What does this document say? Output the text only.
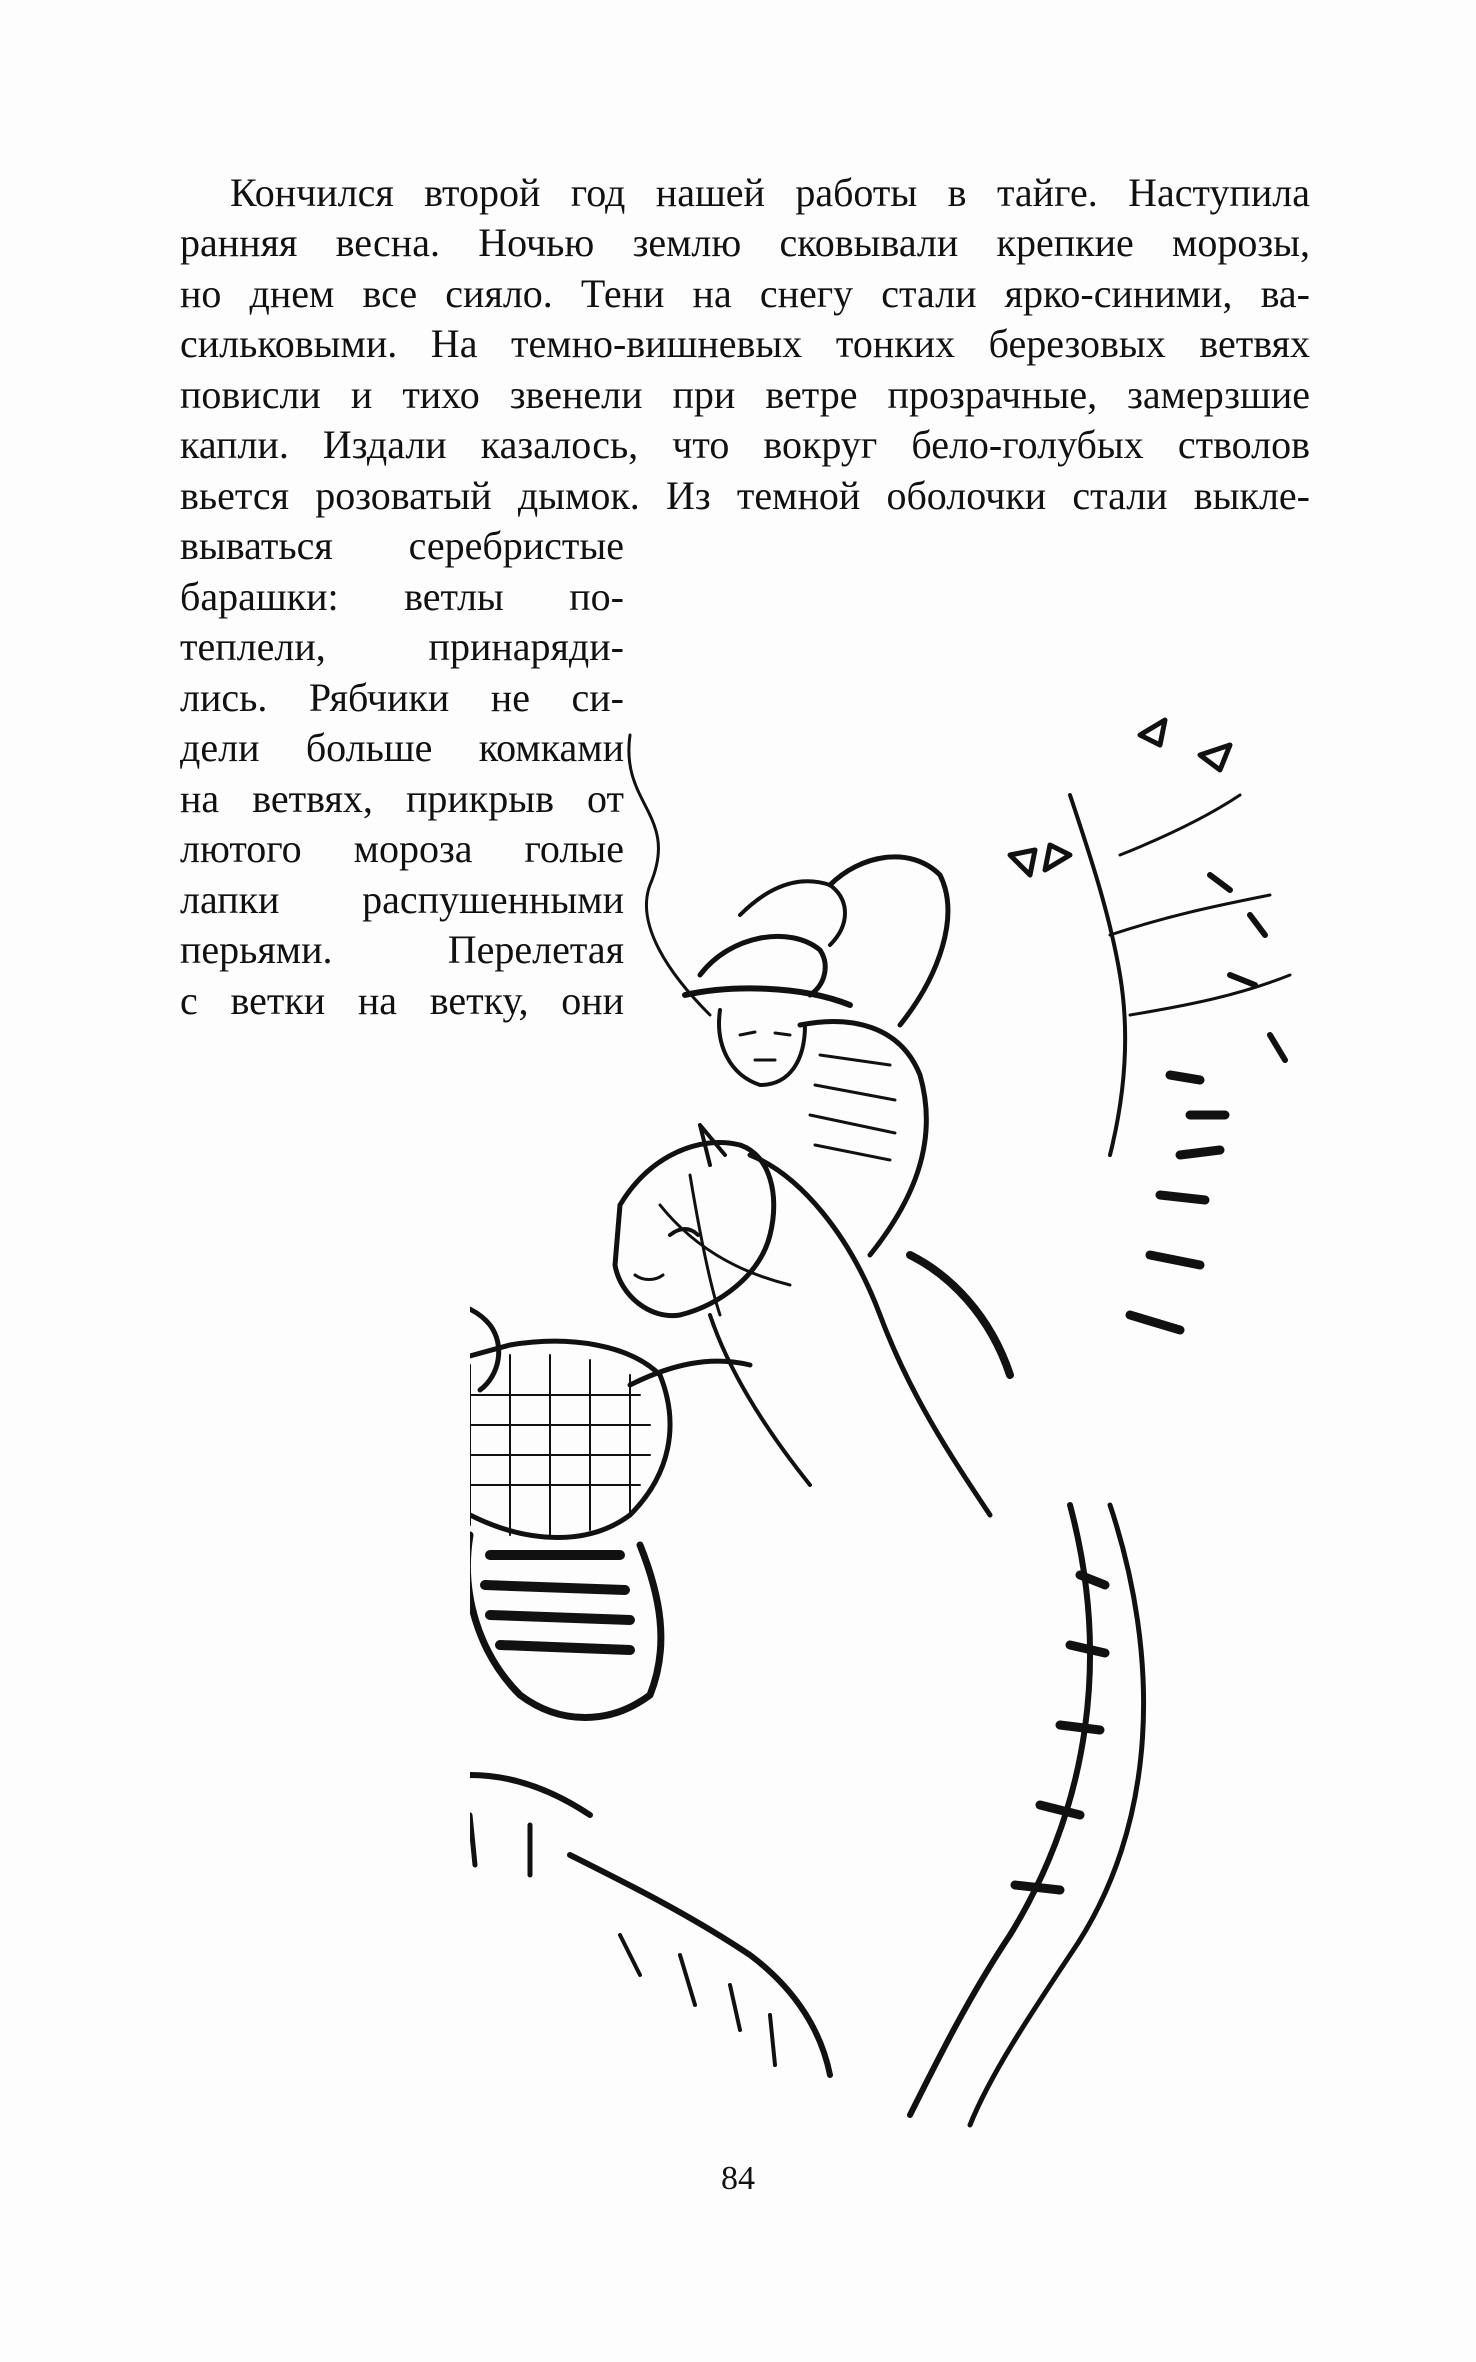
Кончился второй год нашей работы в тайге. Наступила
ранняя весна. Ночью землю сковывали крепкие морозы,
но днем все сияло. Тени на снегу стали ярко-синими, ва-
сильковыми. На темно-вишневых тонких березовых ветвях
повисли и тихо звенели при ветре прозрачные, замерзшие
капли. Издали казалось, что вокруг бело-голубых стволов
вьется розоватый дымок. Из темной оболочки стали выкле-
вываться серебристые
барашки: ветлы по-
теплели, принаряди-
лись. Рябчики не си-
дели больше комками
на ветвях, прикрыв от
лютого мороза голые
лапки распушенными
перьями. Перелетая
с ветки на ветку, они
84
